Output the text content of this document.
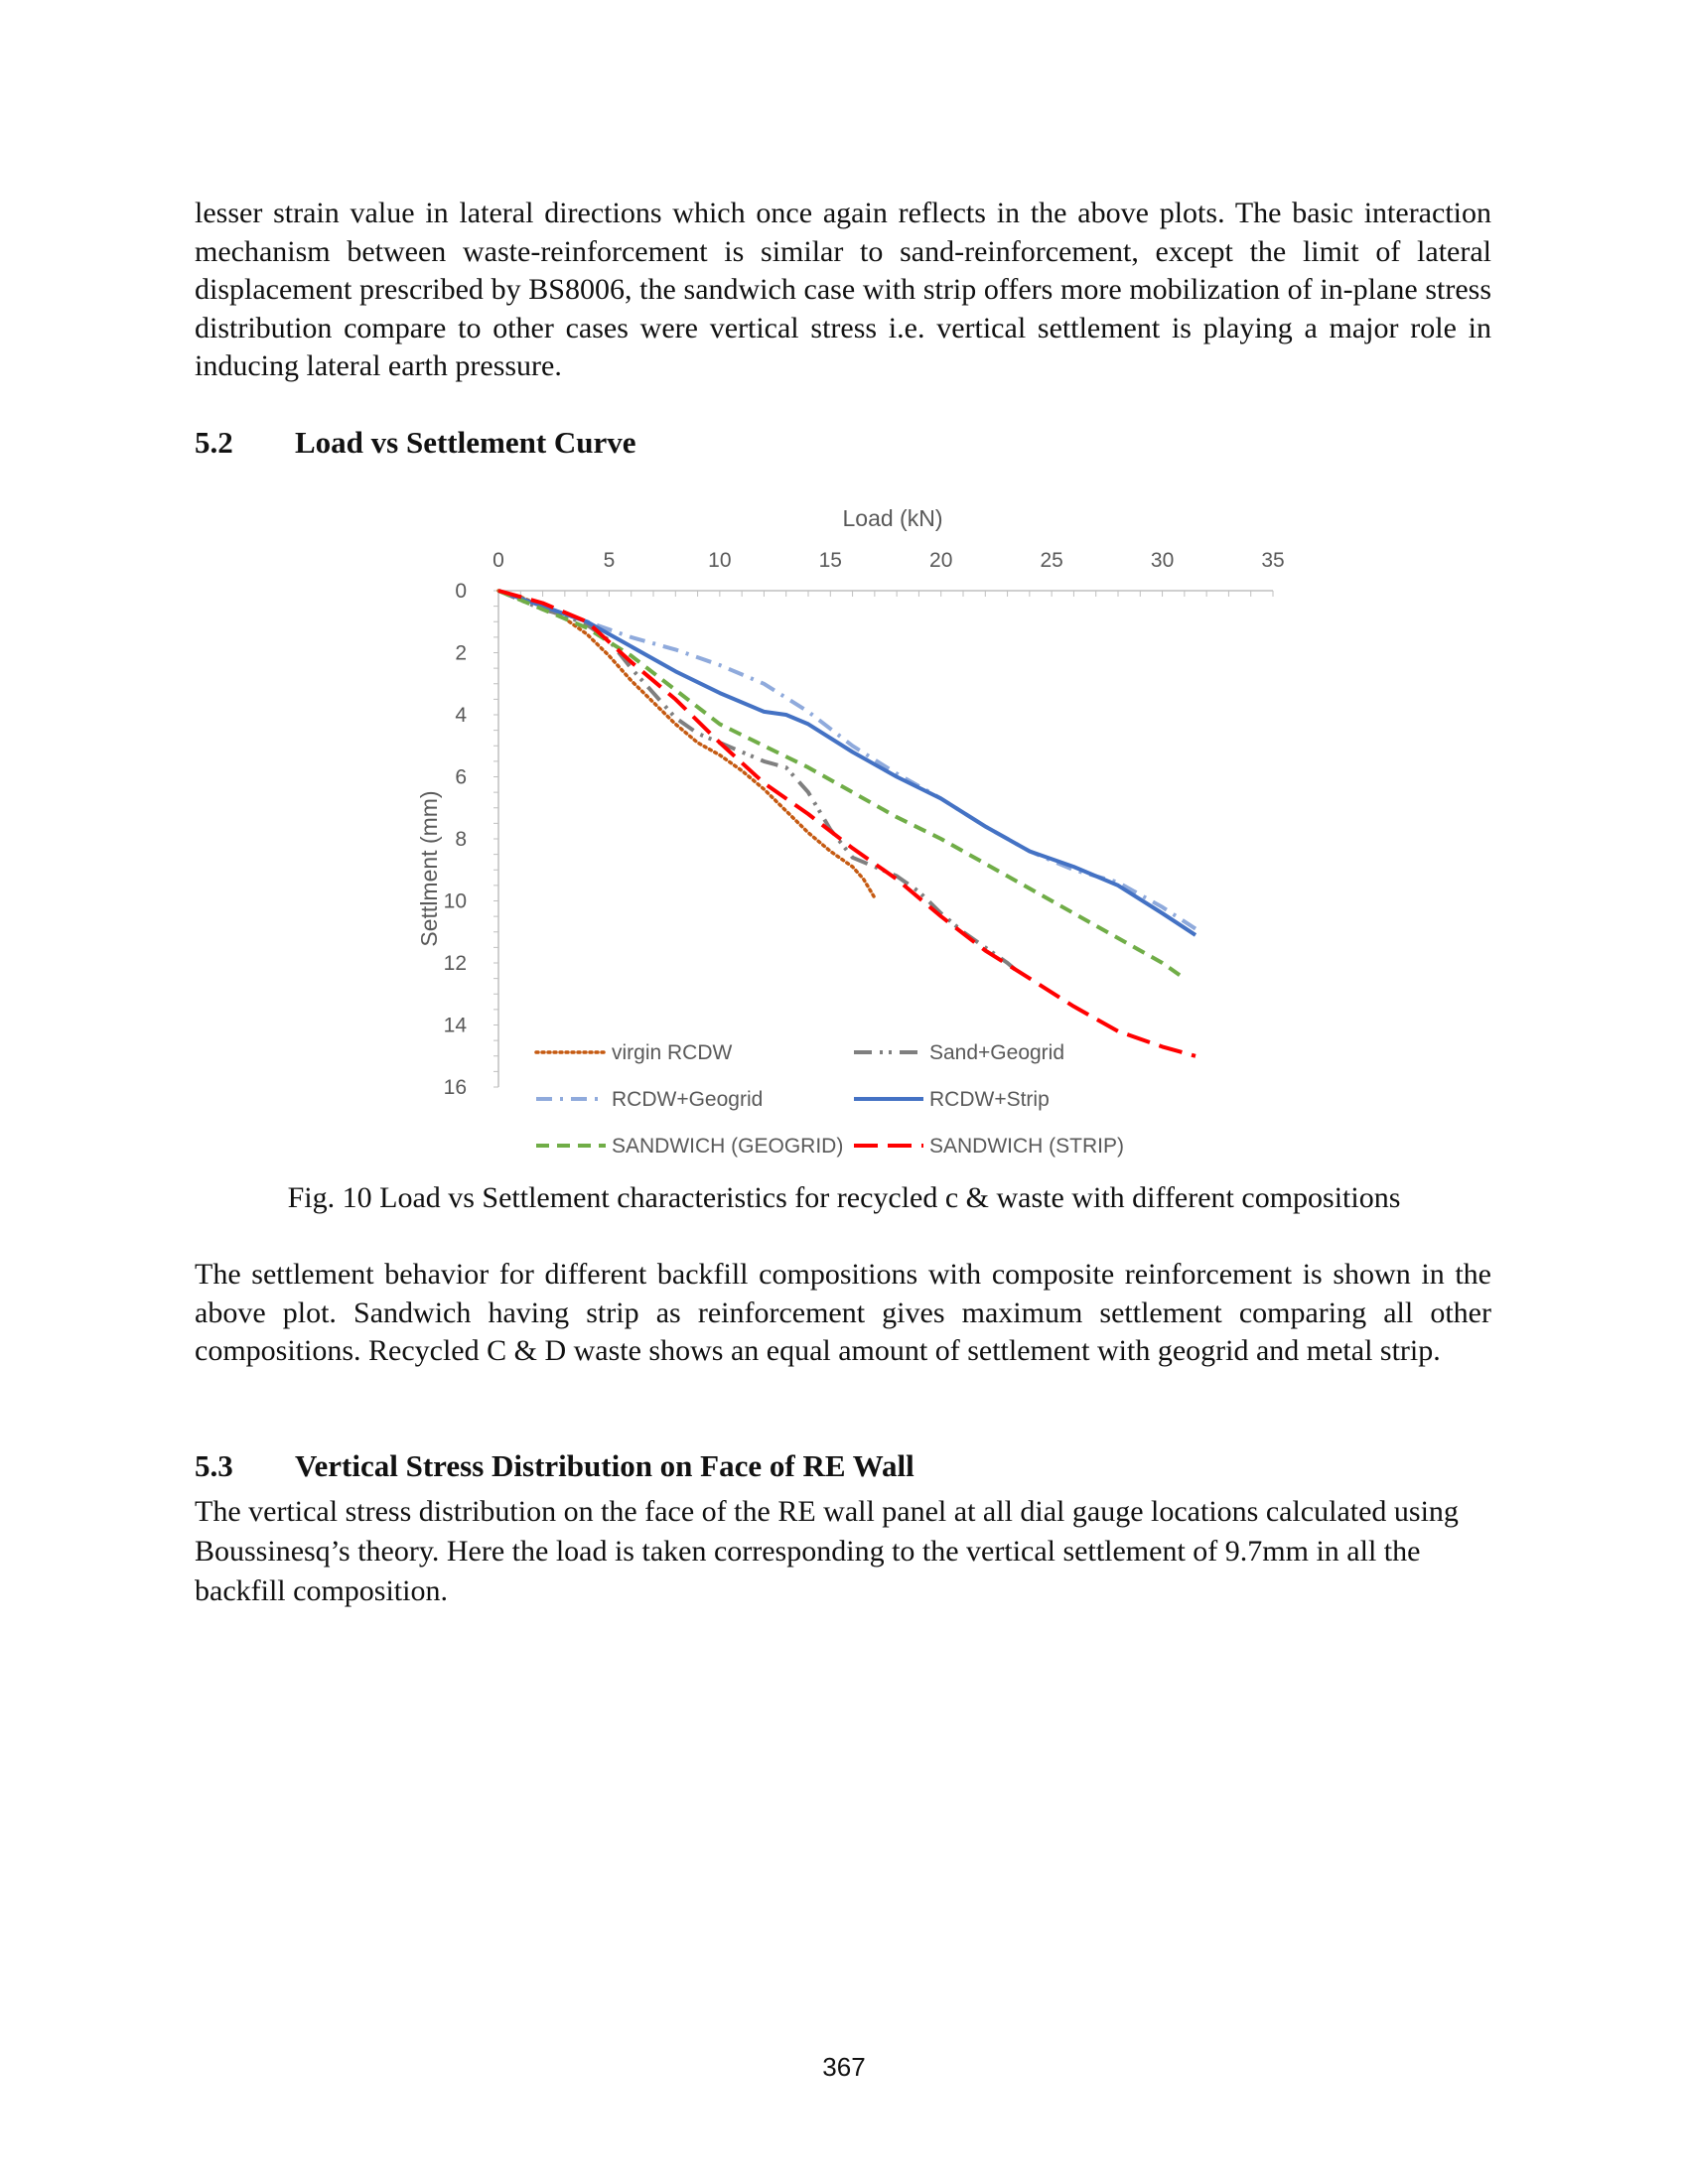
lesser strain value in lateral directions which once again reflects in the above plots. The basic interaction mechanism between waste-reinforcement is similar to sand-reinforcement, except the limit of lateral displacement prescribed by BS8006, the sandwich case with strip offers more mobilization of in-plane stress distribution compare to other cases were vertical stress i.e. vertical settlement is playing a major role in inducing lateral earth pressure.

5.2 Load vs Settlement Curve
0	5	10	15	20	25	30	35
0
2
4
6
8
10
12
14
16
Load (kN)
Settlment (mm)
virgin RCDW	Sand+Geogrid
RCDW+Geogrid	RCDW+Strip
SANDWICH (GEOGRID)	SANDWICH (STRIP)
Fig. 10 Load vs Settlement characteristics for recycled c & waste with different compositions

The settlement behavior for different backfill compositions with composite reinforcement is shown in the above plot. Sandwich having strip as reinforcement gives maximum settlement comparing all other compositions. Recycled C & D waste shows an equal amount of settlement with geogrid and metal strip.

5.3 Vertical Stress Distribution on Face of RE Wall

The vertical stress distribution on the face of the RE wall panel at all dial gauge locations calculated using Boussinesq’s theory. Here the load is taken corresponding to the vertical settlement of 9.7mm in all the backfill composition.

367
